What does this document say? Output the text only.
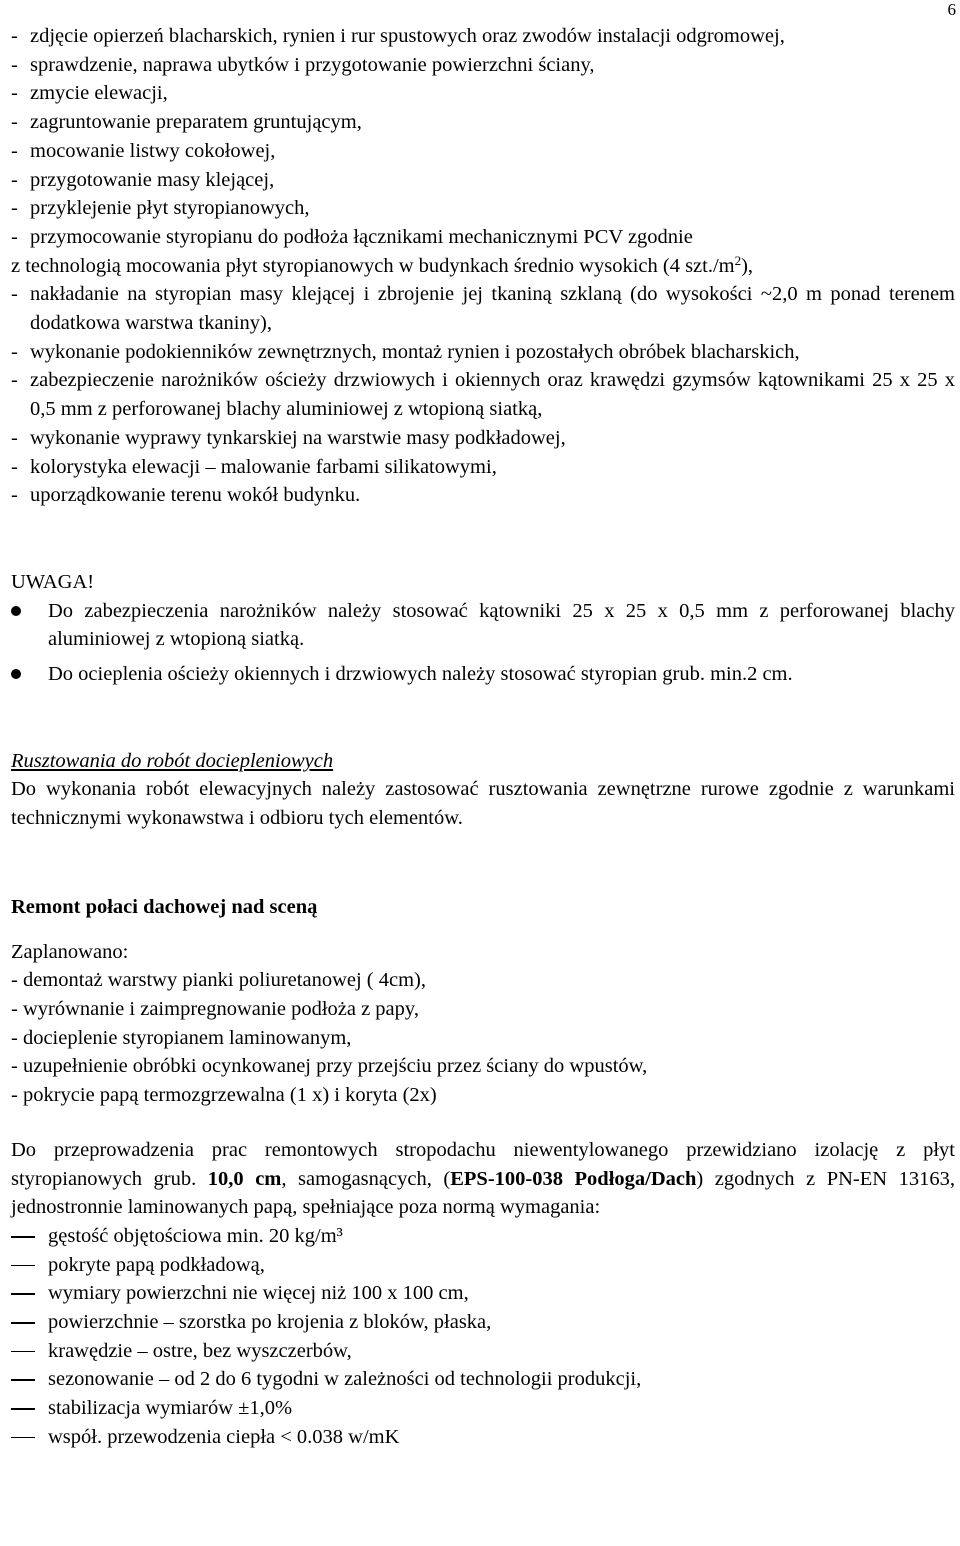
6
- zdjęcie opierzeń blacharskich, rynien i rur spustowych oraz zwodów instalacji odgromowej,
- sprawdzenie, naprawa ubytków i przygotowanie powierzchni ściany,
- zmycie elewacji,
- zagruntowanie preparatem gruntującym,
- mocowanie listwy cokołowej,
- przygotowanie masy klejącej,
- przyklejenie płyt styropianowych,
- przymocowanie styropianu do podłoża łącznikami mechanicznymi PCV zgodnie
z technologią mocowania płyt styropianowych w budynkach średnio wysokich (4 $szt./m^2$),
- nakładanie na styropian masy klejącej i zbrojenie jej tkaniną szklaną (do wysokości ~2,0 m ponad terenem dodatkowa warstwa tkaniny),
- wykonanie podokienników zewnętrznych, montaż rynien i pozostałych obróbek blacharskich,
- zabezpieczenie narożników ościeży drzwiowych i okiennych oraz krawędzi gzymsów kątownikami 25 x 25 x 0,5 mm z perforowanej blachy aluminiowej z wtopioną siatką,
- wykonanie wyprawy tynkarskiej na warstwie masy podkładowej,
- kolorystyka elewacji – malowanie farbami silikatowymi,
- uporządkowanie terenu wokół budynku.
UWAGA!
Do zabezpieczenia narożników należy stosować kątowniki 25 x 25 x 0,5 mm z perforowanej blachy aluminiowej z wtopioną siatką.
Do ocieplenia ościeży okiennych i drzwiowych należy stosować styropian grub. min.2 cm.
Rusztowania do robót dociepleniowych
Do wykonania robót elewacyjnych należy zastosować rusztowania zewnętrzne rurowe zgodnie z warunkami technicznymi wykonawstwa i odbioru tych elementów.
Remont połaci dachowej nad sceną
Zaplanowano:
- demontaż warstwy pianki poliuretanowej ( 4cm),
- wyrównanie i zaimpregnowanie podłoża z papy,
- docieplenie styropianem laminowanym,
- uzupełnienie obróbki ocynkowanej przy przejściu przez ściany do wpustów,
- pokrycie papą termozgrzewalna (1 x) i koryta (2x)
Do przeprowadzenia prac remontowych stropodachu niewentylowanego przewidziano izolację z płyt styropianowych grub. 10,0 cm, samogasnących, (EPS-100-038 Podłoga/Dach) zgodnych z PN-EN 13163, jednostronnie laminowanych papą, spełniające poza normą wymagania:
gęstość objętościowa min. 20 kg/m³
pokryte papą podkładową,
wymiary powierzchni nie więcej niż 100 x 100 cm,
powierzchnie – szorstka po krojenia z bloków, płaska,
krawędzie – ostre, bez wyszczerbów,
sezonowanie – od 2 do 6 tygodni w zależności od technologii produkcji,
stabilizacja wymiarów ±1,0%
współ. przewodzenia ciepła < 0.038 w/mK
